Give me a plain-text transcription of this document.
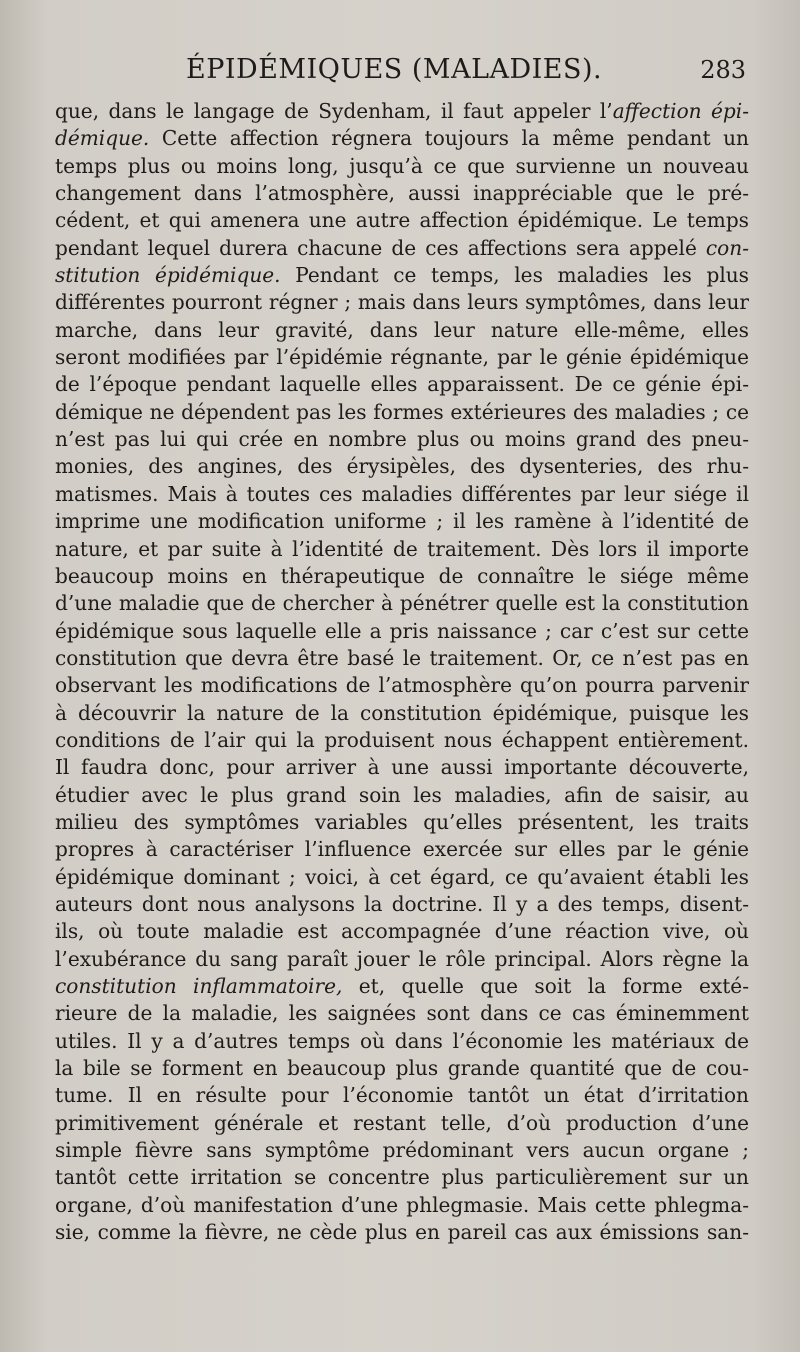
ÉPIDÉMIQUES (MALADIES).	283
que, dans le langage de Sydenham, il faut appeler l’affection épi-
démique. Cette affection régnera toujours la même pendant un
temps plus ou moins long, jusqu’à ce que survienne un nouveau
changement dans l’atmosphère, aussi inappréciable que le pré-
cédent, et qui amenera une autre affection épidémique. Le temps
pendant lequel durera chacune de ces affections sera appelé con-
stitution épidémique. Pendant ce temps, les maladies les plus
différentes pourront régner ; mais dans leurs symptômes, dans leur
marche, dans leur gravité, dans leur nature elle-même, elles
seront modifiées par l’épidémie régnante, par le génie épidémique
de l’époque pendant laquelle elles apparaissent. De ce génie épi-
démique ne dépendent pas les formes extérieures des maladies ; ce
n’est pas lui qui crée en nombre plus ou moins grand des pneu-
monies, des angines, des érysipèles, des dysenteries, des rhu-
matismes. Mais à toutes ces maladies différentes par leur siége il
imprime une modification uniforme ; il les ramène à l’identité de
nature, et par suite à l’identité de traitement. Dès lors il importe
beaucoup moins en thérapeutique de connaître le siége même
d’une maladie que de chercher à pénétrer quelle est la constitution
épidémique sous laquelle elle a pris naissance ; car c’est sur cette
constitution que devra être basé le traitement. Or, ce n’est pas en
observant les modifications de l’atmosphère qu’on pourra parvenir
à découvrir la nature de la constitution épidémique, puisque les
conditions de l’air qui la produisent nous échappent entièrement.
Il faudra donc, pour arriver à une aussi importante découverte,
étudier avec le plus grand soin les maladies, afin de saisir, au
milieu des symptômes variables qu’elles présentent, les traits
propres à caractériser l’influence exercée sur elles par le génie
épidémique dominant ; voici, à cet égard, ce qu’avaient établi les
auteurs dont nous analysons la doctrine. Il y a des temps, disent-
ils, où toute maladie est accompagnée d’une réaction vive, où
l’exubérance du sang paraît jouer le rôle principal. Alors règne la
constitution inflammatoire, et, quelle que soit la forme exté-
rieure de la maladie, les saignées sont dans ce cas éminemment
utiles. Il y a d’autres temps où dans l’économie les matériaux de
la bile se forment en beaucoup plus grande quantité que de cou-
tume. Il en résulte pour l’économie tantôt un état d’irritation
primitivement générale et restant telle, d’où production d’une
simple fièvre sans symptôme prédominant vers aucun organe ;
tantôt cette irritation se concentre plus particulièrement sur un
organe, d’où manifestation d’une phlegmasie. Mais cette phlegma-
sie, comme la fièvre, ne cède plus en pareil cas aux émissions san-
